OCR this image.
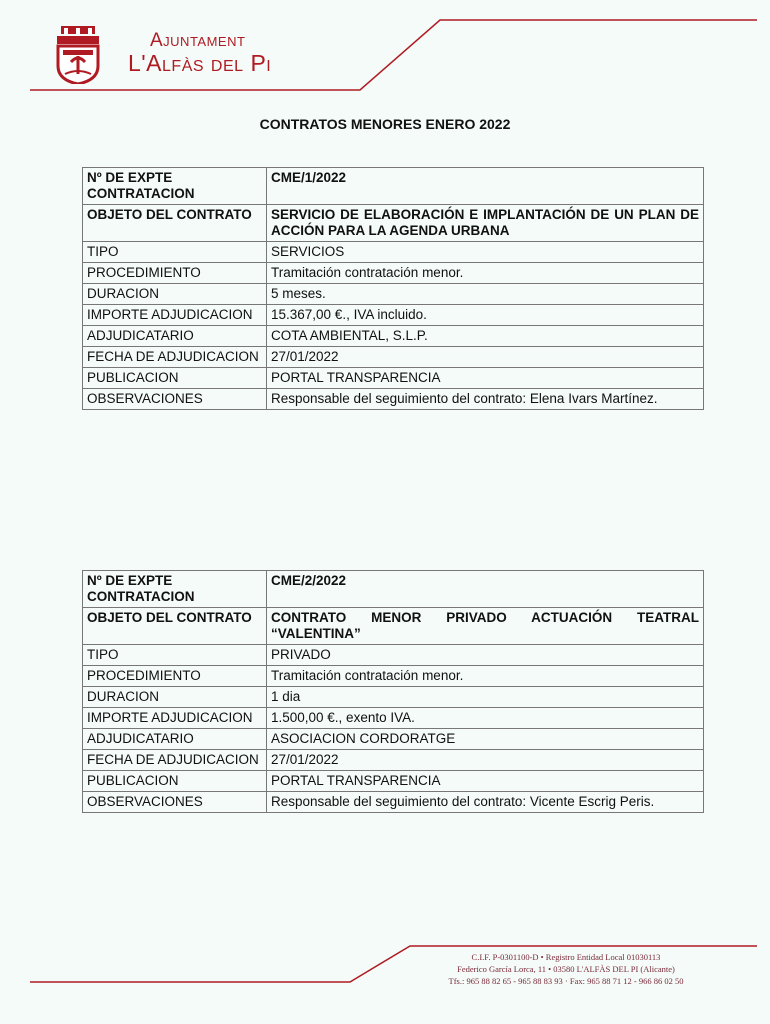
Ajuntament
L'Alfàs del Pi
CONTRATOS MENORES ENERO 2022
Nº DE EXPTE CONTRATACION	CME/1/2022
OBJETO DEL CONTRATO	SERVICIO DE ELABORACIÓN E IMPLANTACIÓN DE UN PLAN DE ACCIÓN PARA LA AGENDA URBANA
TIPO	SERVICIOS
PROCEDIMIENTO	Tramitación contratación menor.
DURACION	5 meses.
IMPORTE ADJUDICACION	15.367,00 €., IVA incluido.
ADJUDICATARIO	COTA AMBIENTAL, S.L.P.
FECHA DE ADJUDICACION	27/01/2022
PUBLICACION	PORTAL TRANSPARENCIA
OBSERVACIONES	Responsable del seguimiento del contrato: Elena Ivars Martínez.
Nº DE EXPTE CONTRATACION	CME/2/2022
OBJETO DEL CONTRATO	CONTRATO MENOR PRIVADO ACTUACIÓN TEATRAL “VALENTINA”
TIPO	PRIVADO
PROCEDIMIENTO	Tramitación contratación menor.
DURACION	1 dia
IMPORTE ADJUDICACION	1.500,00 €., exento IVA.
ADJUDICATARIO	ASOCIACION CORDORATGE
FECHA DE ADJUDICACION	27/01/2022
PUBLICACION	PORTAL TRANSPARENCIA
OBSERVACIONES	Responsable del seguimiento del contrato: Vicente Escrig Peris.
C.I.F. P-0301100-D • Registro Entidad Local 01030113
Federico García Lorca, 11 • 03580 L'ALFÀS DEL PI (Alicante)
Tfs.: 965 88 82 65 - 965 88 83 93 · Fax: 965 88 71 12 - 966 86 02 50
